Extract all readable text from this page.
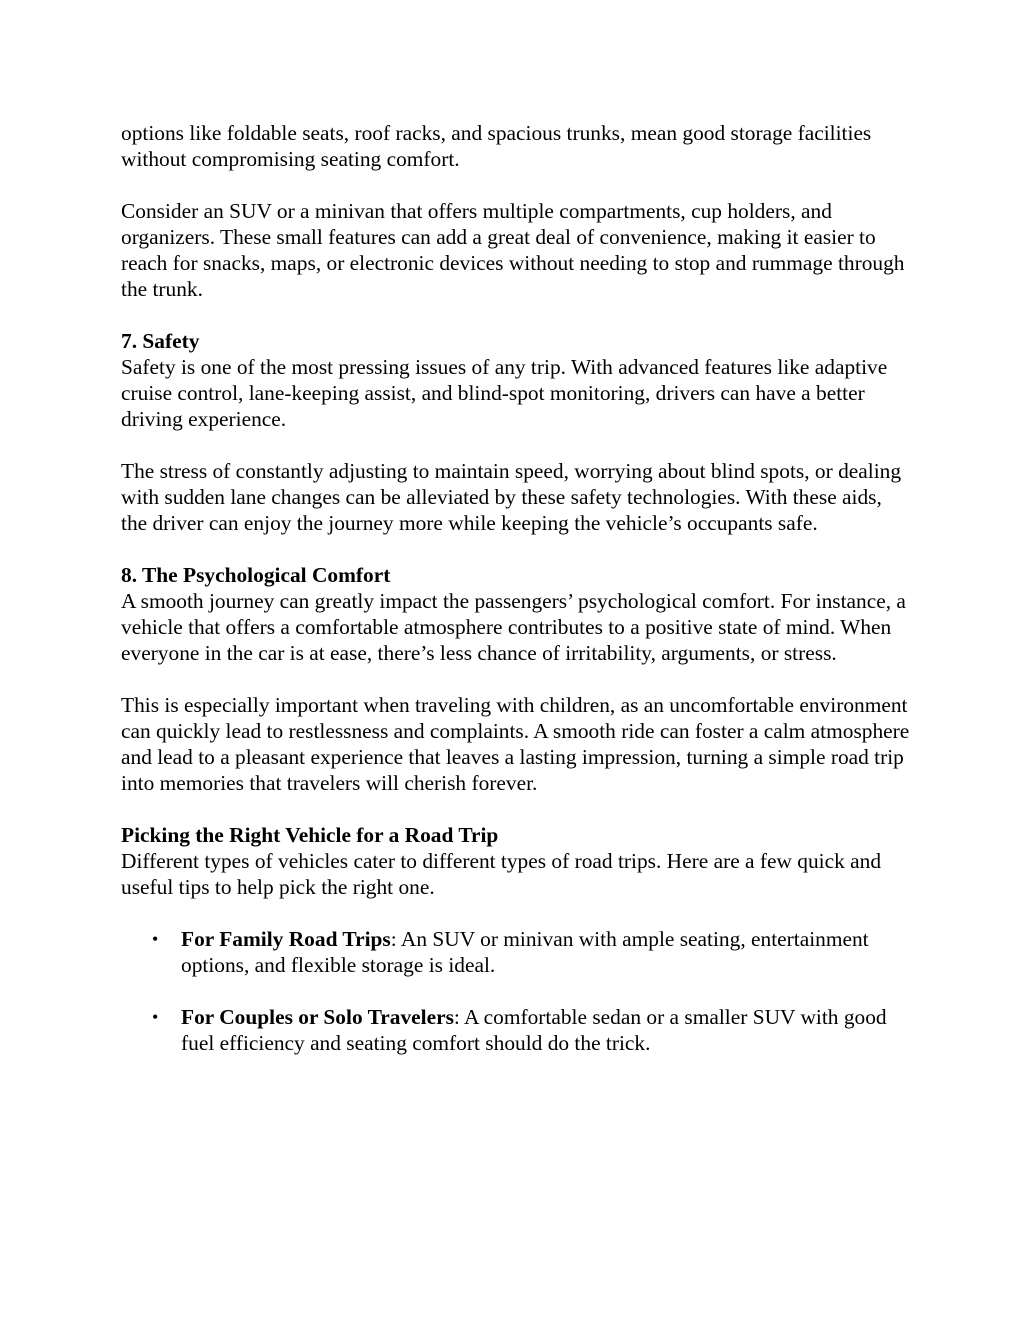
options like foldable seats, roof racks, and spacious trunks, mean good storage facilities without compromising seating comfort.

Consider an SUV or a minivan that offers multiple compartments, cup holders, and organizers. These small features can add a great deal of convenience, making it easier to reach for snacks, maps, or electronic devices without needing to stop and rummage through the trunk.

7. Safety

Safety is one of the most pressing issues of any trip. With advanced features like adaptive cruise control, lane-keeping assist, and blind-spot monitoring, drivers can have a better driving experience.

The stress of constantly adjusting to maintain speed, worrying about blind spots, or dealing with sudden lane changes can be alleviated by these safety technologies. With these aids, the driver can enjoy the journey more while keeping the vehicle’s occupants safe.

8. The Psychological Comfort

A smooth journey can greatly impact the passengers’ psychological comfort. For instance, a vehicle that offers a comfortable atmosphere contributes to a positive state of mind. When everyone in the car is at ease, there’s less chance of irritability, arguments, or stress.

This is especially important when traveling with children, as an uncomfortable environment can quickly lead to restlessness and complaints. A smooth ride can foster a calm atmosphere and lead to a pleasant experience that leaves a lasting impression, turning a simple road trip into memories that travelers will cherish forever.

Picking the Right Vehicle for a Road Trip

Different types of vehicles cater to different types of road trips. Here are a few quick and useful tips to help pick the right one.

• For Family Road Trips: An SUV or minivan with ample seating, entertainment options, and flexible storage is ideal.
• For Couples or Solo Travelers: A comfortable sedan or a smaller SUV with good fuel efficiency and seating comfort should do the trick.
